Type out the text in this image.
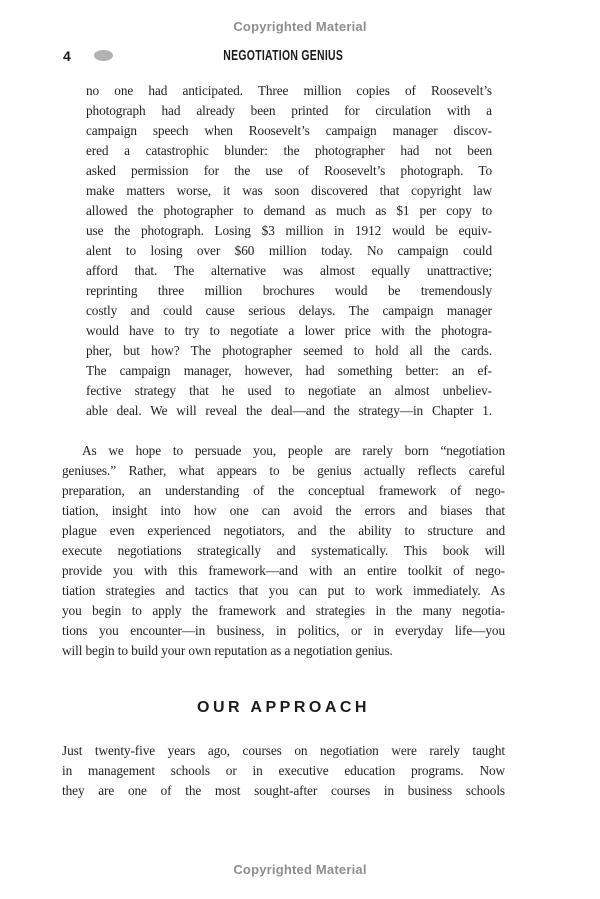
Copyrighted Material
4	NEGOTIATION GENIUS
no one had anticipated. Three million copies of Roosevelt’s
photograph had already been printed for circulation with a
campaign speech when Roosevelt’s campaign manager discov-
ered a catastrophic blunder: the photographer had not been
asked permission for the use of Roosevelt’s photograph. To
make matters worse, it was soon discovered that copyright law
allowed the photographer to demand as much as $1 per copy to
use the photograph. Losing $3 million in 1912 would be equiv-
alent to losing over $60 million today. No campaign could
afford that. The alternative was almost equally unattractive;
reprinting three million brochures would be tremendously
costly and could cause serious delays. The campaign manager
would have to try to negotiate a lower price with the photogra-
pher, but how? The photographer seemed to hold all the cards.
The campaign manager, however, had something better: an ef-
fective strategy that he used to negotiate an almost unbeliev-
able deal. We will reveal the deal—and the strategy—in Chapter 1.
As we hope to persuade you, people are rarely born “negotiation
geniuses.” Rather, what appears to be genius actually reflects careful
preparation, an understanding of the conceptual framework of nego-
tiation, insight into how one can avoid the errors and biases that
plague even experienced negotiators, and the ability to structure and
execute negotiations strategically and systematically. This book will
provide you with this framework—and with an entire toolkit of nego-
tiation strategies and tactics that you can put to work immediately. As
you begin to apply the framework and strategies in the many negotia-
tions you encounter—in business, in politics, or in everyday life—you
will begin to build your own reputation as a negotiation genius.
OUR APPROACH
Just twenty-five years ago, courses on negotiation were rarely taught
in management schools or in executive education programs. Now
they are one of the most sought-after courses in business schools
Copyrighted Material
